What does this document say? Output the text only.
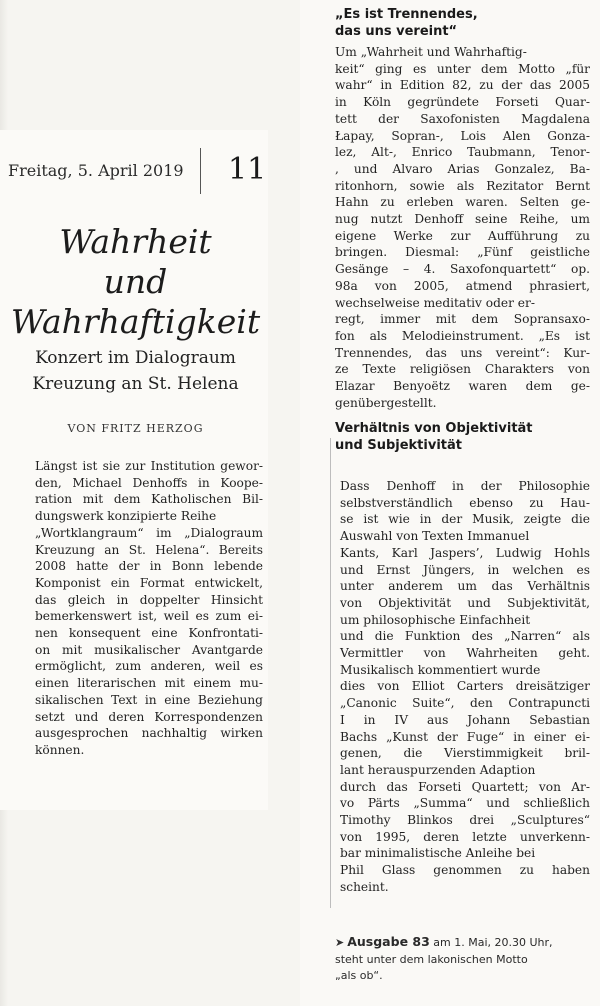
Freitag, 5. April 2019 11
Wahrheit
und
Wahrhaftigkeit
Konzert im Dialograum
Kreuzung an St. Helena
VON FRITZ HERZOG
Längst ist sie zur Institution gewor-
den, Michael Denhoffs in Koope-
ration mit dem Katholischen Bil-
dungswerk konzipierte Reihe
„Wortklangraum“ im „Dialograum
Kreuzung an St. Helena“. Bereits
2008 hatte der in Bonn lebende
Komponist ein Format entwickelt,
das gleich in doppelter Hinsicht
bemerkenswert ist, weil es zum ei-
nen konsequent eine Konfrontati-
on mit musikalischer Avantgarde
ermöglicht, zum anderen, weil es
einen literarischen mit einem mu-
sikalischen Text in eine Beziehung
setzt und deren Korrespondenzen
ausgesprochen nachhaltig wirken
können.
„Es ist Trennendes,
das uns vereint“
Um „Wahrheit und Wahrhaftig-
keit“ ging es unter dem Motto „für
wahr“ in Edition 82, zu der das 2005
in Köln gegründete Forseti Quar-
tett der Saxofonisten Magdalena
Łapay, Sopran-, Lois Alen Gonza-
lez, Alt-, Enrico Taubmann, Tenor-
, und Alvaro Arias Gonzalez, Ba-
ritonhorn, sowie als Rezitator Bernt
Hahn zu erleben waren. Selten ge-
nug nutzt Denhoff seine Reihe, um
eigene Werke zur Aufführung zu
bringen. Diesmal: „Fünf geistliche
Gesänge – 4. Saxofonquartett“ op.
98a von 2005, atmend phrasiert,
wechselweise meditativ oder er-
regt, immer mit dem Sopransaxo-
fon als Melodieinstrument. „Es ist
Trennendes, das uns vereint“: Kur-
ze Texte religiösen Charakters von
Elazar Benyoëtz waren dem ge-
genübergestellt.
Verhältnis von Objektivität
und Subjektivität
Dass Denhoff in der Philosophie
selbstverständlich ebenso zu Hau-
se ist wie in der Musik, zeigte die
Auswahl von Texten Immanuel
Kants, Karl Jaspers’, Ludwig Hohls
und Ernst Jüngers, in welchen es
unter anderem um das Verhältnis
von Objektivität und Subjektivität,
um philosophische Einfachheit
und die Funktion des „Narren“ als
Vermittler von Wahrheiten geht.
Musikalisch kommentiert wurde
dies von Elliot Carters dreisätziger
„Canonic Suite“, den Contrapuncti
I in IV aus Johann Sebastian
Bachs „Kunst der Fuge“ in einer ei-
genen, die Vierstimmigkeit bril-
lant herauspurzenden Adaption
durch das Forseti Quartett; von Ar-
vo Pärts „Summa“ und schließlich
Timothy Blinkos drei „Sculptures“
von 1995, deren letzte unverkenn-
bar minimalistische Anleihe bei
Phil Glass genommen zu haben
scheint.
➤ Ausgabe 83 am 1. Mai, 20.30 Uhr,
steht unter dem lakonischen Motto
„als ob“.
